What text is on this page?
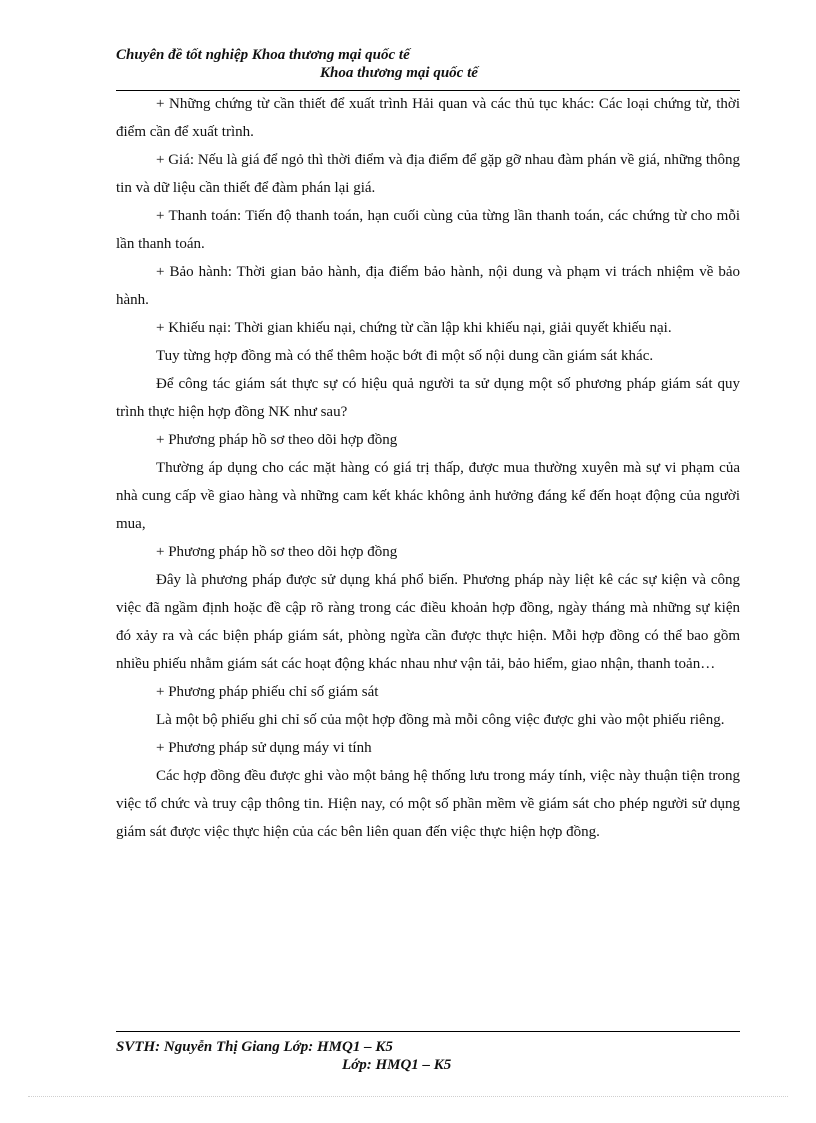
Chuyên đề tốt nghiệp Khoa thương mại quốc tế
Khoa thương mại quốc tế

+ Những chứng từ cần thiết để xuất trình Hải quan và các thủ tục khác: Các loại chứng từ, thời điểm cần để xuất trình.

+ Giá: Nếu là giá để ngỏ thì thời điểm và địa điểm để gặp gỡ nhau đàm phán về giá, những thông tin và dữ liệu cần thiết để đàm phán lại giá.

+ Thanh toán: Tiến độ thanh toán, hạn cuối cùng của từng lần thanh toán, các chứng từ cho mỗi lần thanh toán.

+ Bảo hành: Thời gian bảo hành, địa điểm bảo hành, nội dung và phạm vi trách nhiệm về bảo hành.

+ Khiếu nại: Thời gian khiếu nại, chứng từ cần lập khi khiếu nại, giải quyết khiếu nại.

Tuy từng hợp đồng mà có thể thêm hoặc bớt đi một số nội dung cần giám sát khác.

Để công tác giám sát thực sự có hiệu quả người ta sử dụng một số phương pháp giám sát quy trình thực hiện hợp đồng NK như sau?

+ Phương pháp hồ sơ theo dõi hợp đồng

Thường áp dụng cho các mặt hàng có giá trị thấp, được mua thường xuyên mà sự vi phạm của nhà cung cấp về giao hàng và những cam kết khác không ảnh hưởng đáng kể đến hoạt động của người mua,

+ Phương pháp hồ sơ theo dõi hợp đồng

Đây là phương pháp được sử dụng khá phổ biến. Phương pháp này liệt kê các sự kiện và công việc đã ngầm định hoặc đề cập rõ ràng trong các điều khoản hợp đồng, ngày tháng mà những sự kiện đó xảy ra và các biện pháp giám sát, phòng ngừa cần được thực hiện. Mỗi hợp đồng có thể bao gồm nhiều phiếu nhằm giám sát các hoạt động khác nhau như vận tải, bảo hiểm, giao nhận, thanh toản…

+ Phương pháp phiếu chỉ số giám sát

Là một bộ phiếu ghi chỉ số của một hợp đồng mà mỗi công việc được ghi vào một phiếu riêng.

+ Phương pháp sử dụng máy vi tính

Các hợp đồng đều được ghi vào một bảng hệ thống lưu trong máy tính, việc này thuận tiện trong việc tổ chức và truy cập thông tin. Hiện nay, có một số phần mềm về giám sát cho phép người sử dụng giám sát được việc thực hiện của các bên liên quan đến việc thực hiện hợp đồng.

SVTH: Nguyễn Thị Giang Lớp: HMQ1 – K5
Lớp: HMQ1 – K5
